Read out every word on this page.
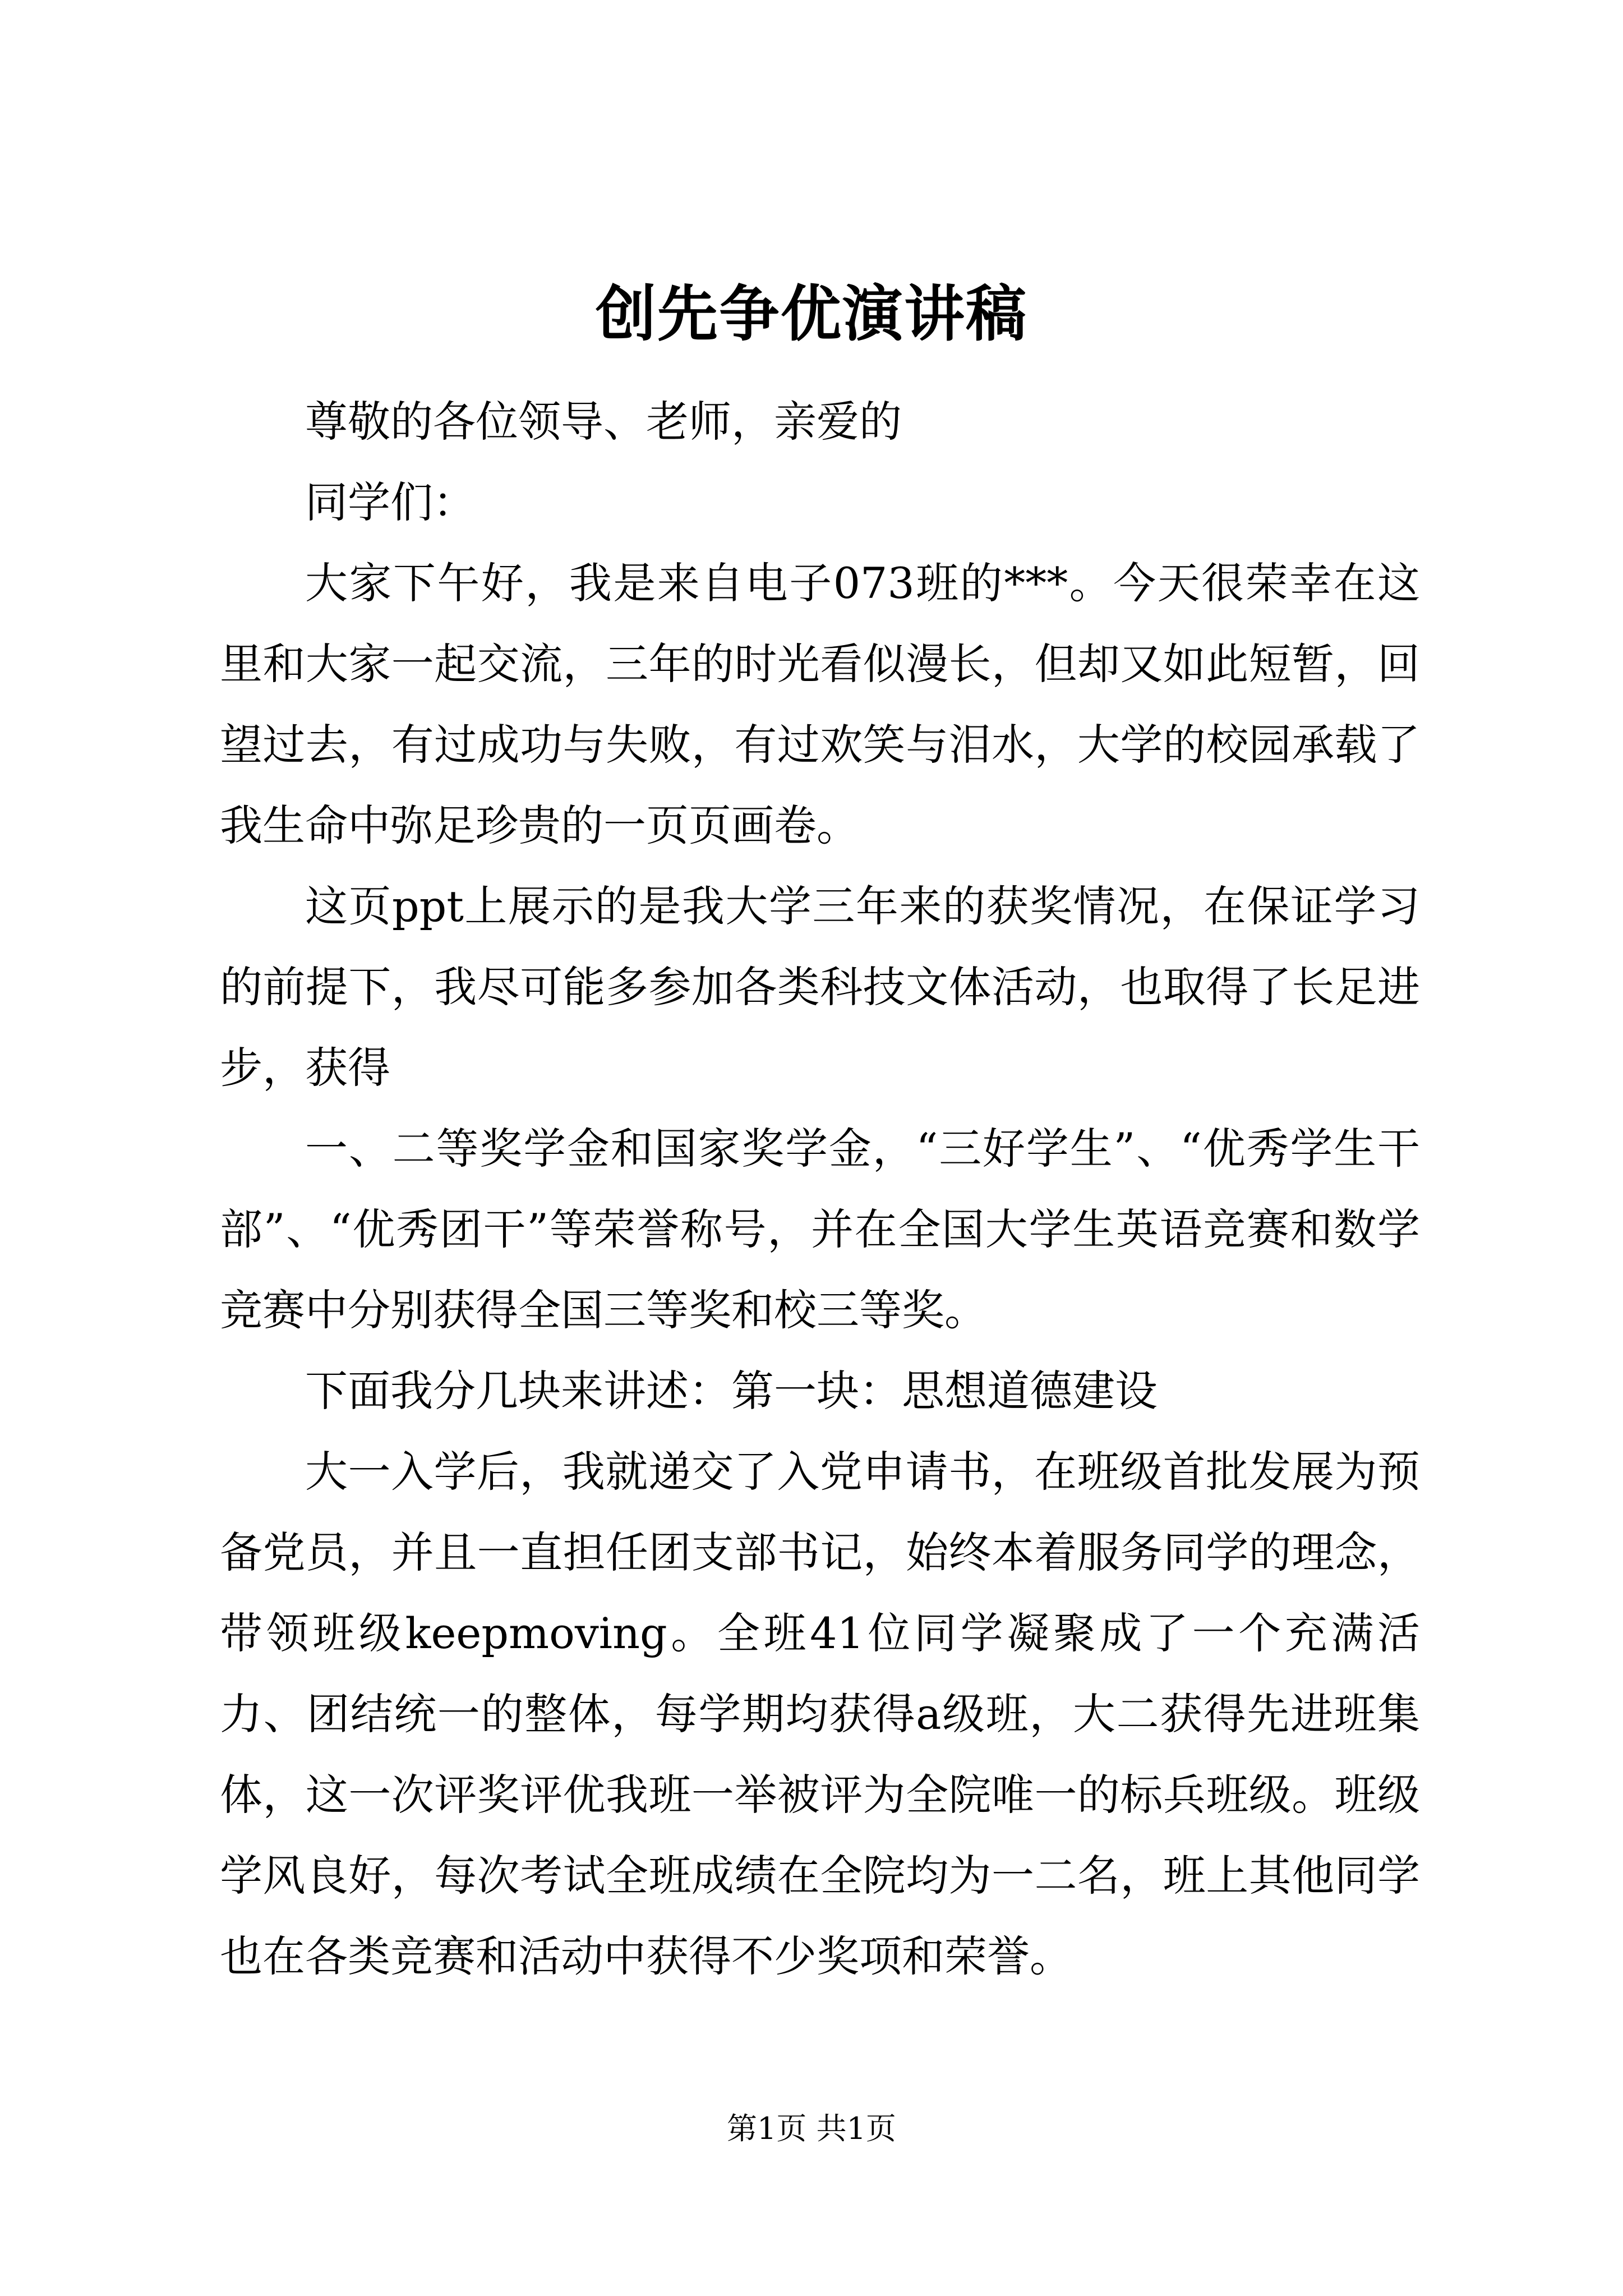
创先争优演讲稿

尊敬的各位领导、老师，亲爱的

同学们：

大家下午好，我是来自电子073班的***。今天很荣幸在这里和大家一起交流，三年的时光看似漫长，但却又如此短暂，回望过去，有过成功与失败，有过欢笑与泪水，大学的校园承载了我生命中弥足珍贵的一页页画卷。

这页ppt上展示的是我大学三年来的获奖情况，在保证学习的前提下，我尽可能多参加各类科技文体活动，也取得了长足进步，获得

一、二等奖学金和国家奖学金，“三好学生”、“优秀学生干部”、“优秀团干”等荣誉称号，并在全国大学生英语竞赛和数学竞赛中分别获得全国三等奖和校三等奖。

下面我分几块来讲述：第一块：思想道德建设

大一入学后，我就递交了入党申请书，在班级首批发展为预备党员，并且一直担任团支部书记，始终本着服务同学的理念，带领班级keepmoving。全班41位同学凝聚成了一个充满活力、团结统一的整体，每学期均获得a级班，大二获得先进班集体，这一次评奖评优我班一举被评为全院唯一的标兵班级。班级学风良好，每次考试全班成绩在全院均为一二名，班上其他同学也在各类竞赛和活动中获得不少奖项和荣誉。

第1页 共1页
